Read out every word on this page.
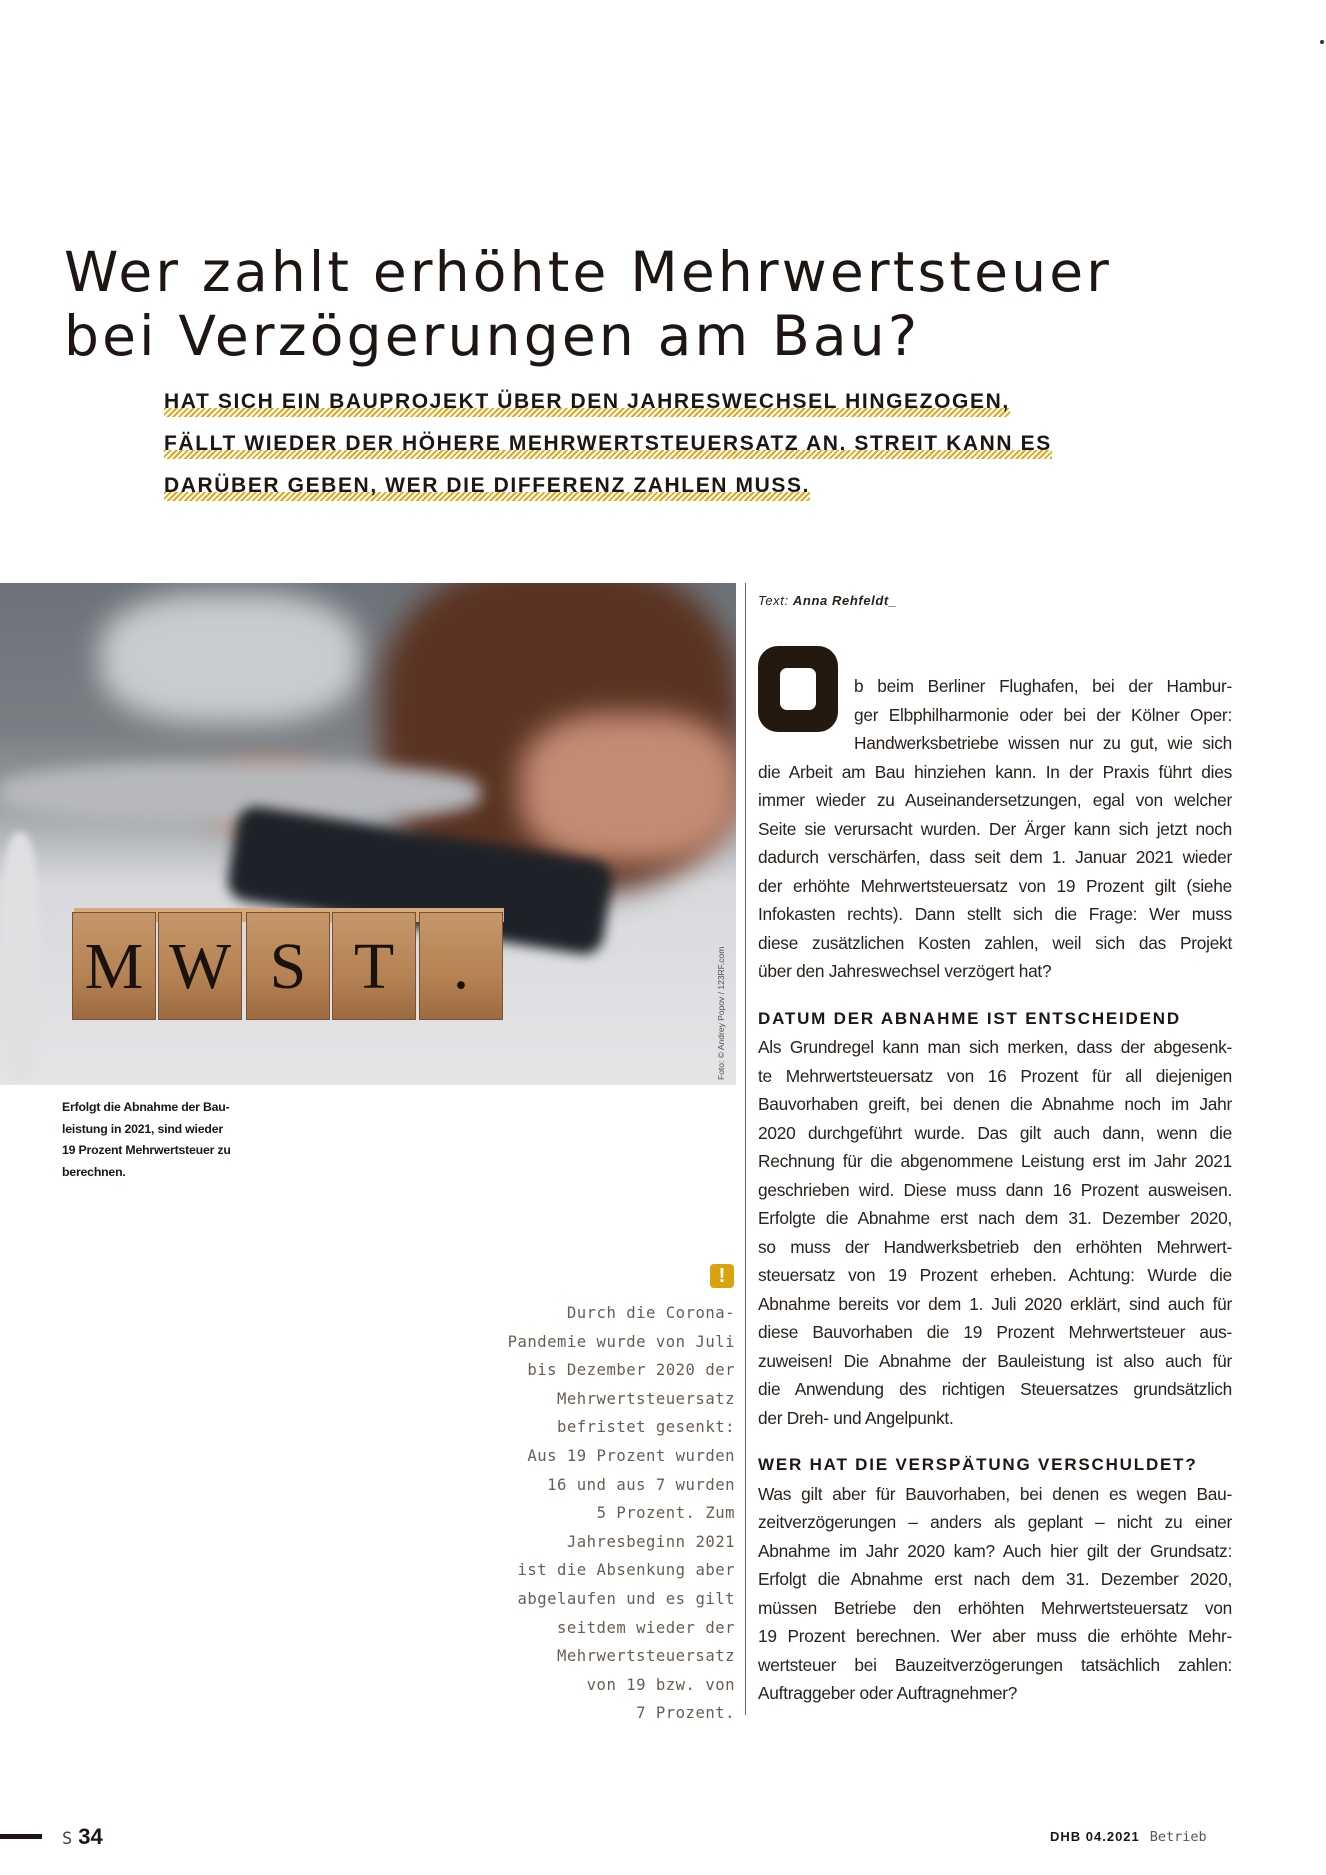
Wer zahlt erhöhte Mehrwertsteuer
bei Verzögerungen am Bau?
HAT SICH EIN BAUPROJEKT ÜBER DEN JAHRESWECHSEL HINGEZOGEN,
FÄLLT WIEDER DER HÖHERE MEHRWERTSTEUERSATZ AN. STREIT KANN ES
DARÜBER GEBEN, WER DIE DIFFERENZ ZAHLEN MUSS.
M W S T .	Foto: © Andrey Popov / 123RF.com
Erfolgt die Abnahme der Bau-
leistung in 2021, sind wieder
19 Prozent Mehrwertsteuer zu
berechnen.
Text: Anna Rehfeldt_
b beim Berliner Flughafen, bei der Hambur-
ger Elbphilharmonie oder bei der Kölner Oper:
Handwerksbetriebe wissen nur zu gut, wie sich
die Arbeit am Bau hinziehen kann. In der Praxis führt dies
immer wieder zu Auseinandersetzungen, egal von welcher
Seite sie verursacht wurden. Der Ärger kann sich jetzt noch
dadurch verschärfen, dass seit dem 1. Januar 2021 wieder
der erhöhte Mehrwertsteuersatz von 19 Prozent gilt (siehe
Infokasten rechts). Dann stellt sich die Frage: Wer muss
diese zusätzlichen Kosten zahlen, weil sich das Projekt
über den Jahreswechsel verzögert hat?
DATUM DER ABNAHME IST ENTSCHEIDEND
Als Grundregel kann man sich merken, dass der abgesenk-
te Mehrwertsteuersatz von 16 Prozent für all diejenigen
Bauvorhaben greift, bei denen die Abnahme noch im Jahr
2020 durchgeführt wurde. Das gilt auch dann, wenn die
Rechnung für die abgenommene Leistung erst im Jahr 2021
geschrieben wird. Diese muss dann 16 Prozent ausweisen.
Erfolgte die Abnahme erst nach dem 31. Dezember 2020,
so muss der Handwerksbetrieb den erhöhten Mehrwert-
steuersatz von 19 Prozent erheben. Achtung: Wurde die
Abnahme bereits vor dem 1. Juli 2020 erklärt, sind auch für
diese Bauvorhaben die 19 Prozent Mehrwertsteuer aus-
zuweisen! Die Abnahme der Bauleistung ist also auch für
die Anwendung des richtigen Steuersatzes grundsätzlich
der Dreh- und Angelpunkt.
WER HAT DIE VERSPÄTUNG VERSCHULDET?
Was gilt aber für Bauvorhaben, bei denen es wegen Bau-
zeitverzögerungen – anders als geplant – nicht zu einer
Abnahme im Jahr 2020 kam? Auch hier gilt der Grundsatz:
Erfolgt die Abnahme erst nach dem 31. Dezember 2020,
müssen Betriebe den erhöhten Mehrwertsteuersatz von
19 Prozent berechnen. Wer aber muss die erhöhte Mehr-
wertsteuer bei Bauzeitverzögerungen tatsächlich zahlen:
Auftraggeber oder Auftragnehmer?
!
Durch die Corona-
Pandemie wurde von Juli
bis Dezember 2020 der
Mehrwertsteuersatz
befristet gesenkt:
Aus 19 Prozent wurden
16 und aus 7 wurden
5 Prozent. Zum
Jahresbeginn 2021
ist die Absenkung aber
abgelaufen und es gilt
seitdem wieder der
Mehrwertsteuersatz
von 19 bzw. von
7 Prozent.
S 34	DHB 04.2021 Betrieb
